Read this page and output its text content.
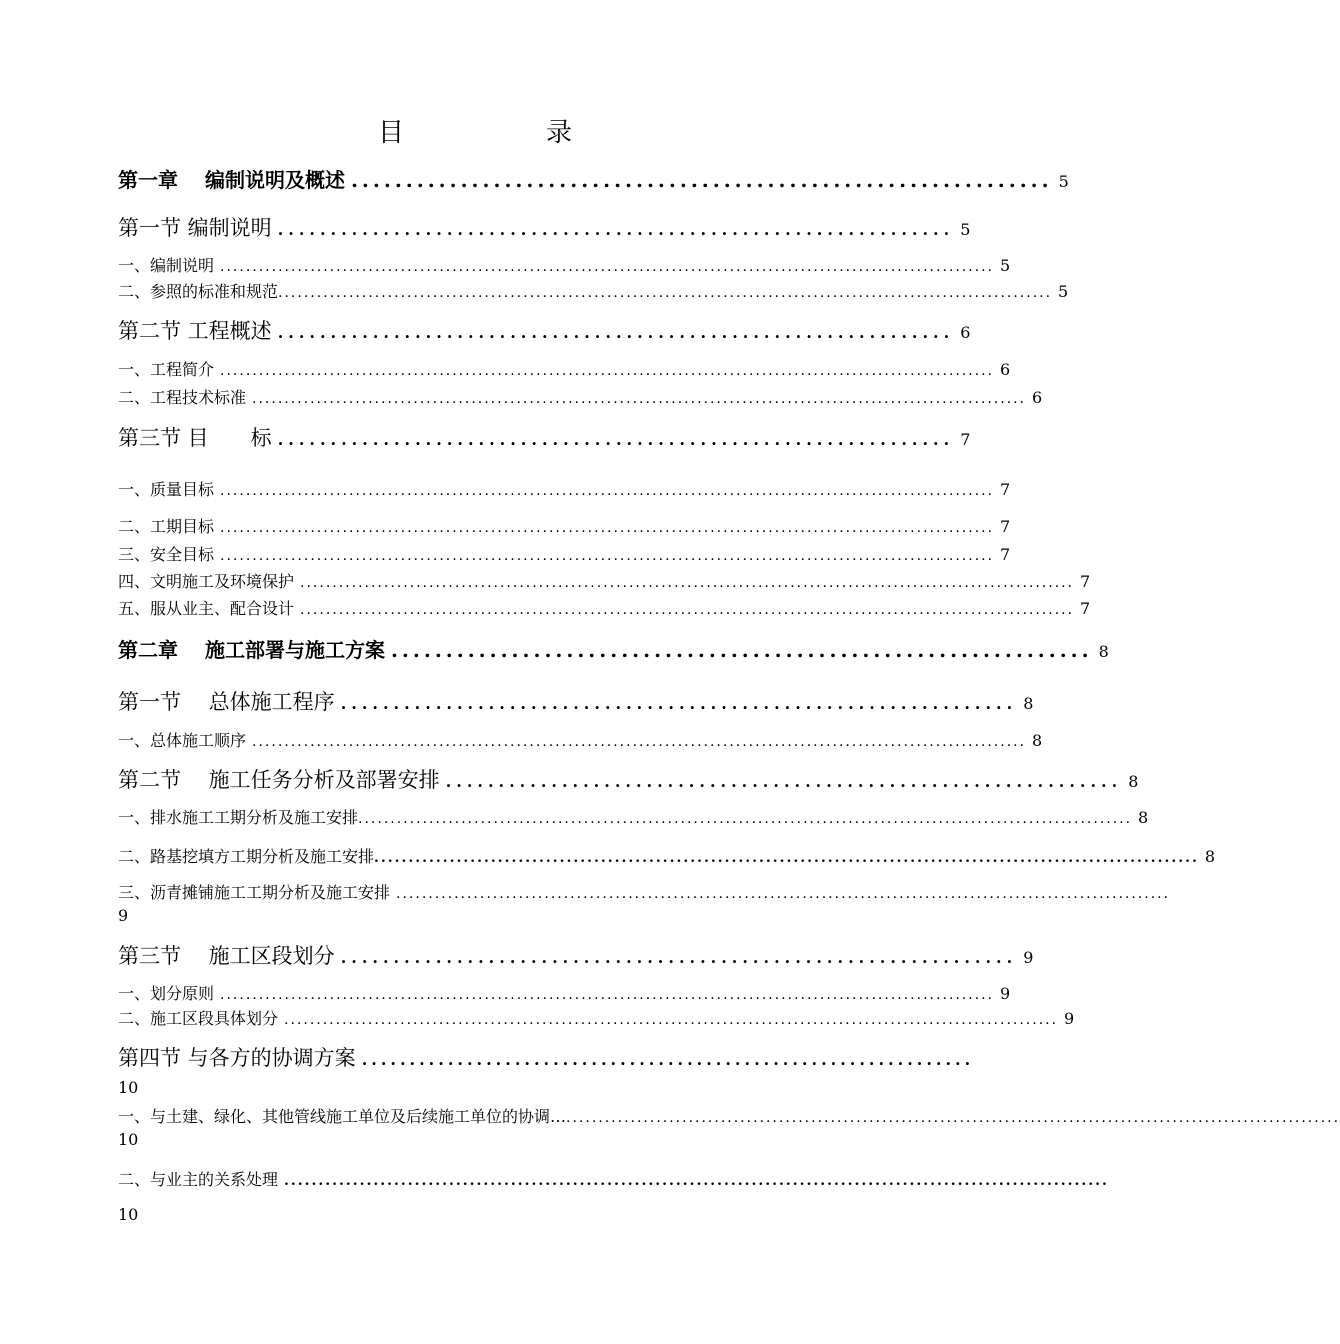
目　录
第一章　 编制说明及概述 ................................................................ 5
第一节 编制说明 ................................................................ 5
一、编制说明 ........................................................................................................................ 5
二、参照的标准和规范 ........................................................................................................................ 5
第二节 工程概述 ................................................................ 6
一、工程简介 ........................................................................................................................ 6
二、工程技术标准 ........................................................................................................................ 6
第三节 目　　标 ................................................................ 7
一、质量目标 ........................................................................................................................ 7
二、工期目标 ........................................................................................................................ 7
三、安全目标 ........................................................................................................................ 7
四、文明施工及环境保护 ........................................................................................................................ 7
五、服从业主、配合设计 ........................................................................................................................ 7
第二章　 施工部署与施工方案 ................................................................ 8
第一节　 总体施工程序 ................................................................ 8
一、总体施工顺序 ........................................................................................................................ 8
第二节　 施工任务分析及部署安排 ................................................................ 8
一、排水施工工期分析及施工安排 ........................................................................................................................ 8
二、路基挖填方工期分析及施工安排 ........................................................................................................................ 8
三、沥青摊铺施工工期分析及施工安排 ........................................................................................................................
9
第三节　 施工区段划分 ................................................................ 9
一、划分原则 ........................................................................................................................ 9
二、施工区段具体划分 ........................................................................................................................ 9
第四节 与各方的协调方案 ................................................................
10
一、与土建、绿化、其他管线施工单位及后续施工单位的协调… ........................................................................................................................
10
二、与业主的关系处理 ........................................................................................................................
10
